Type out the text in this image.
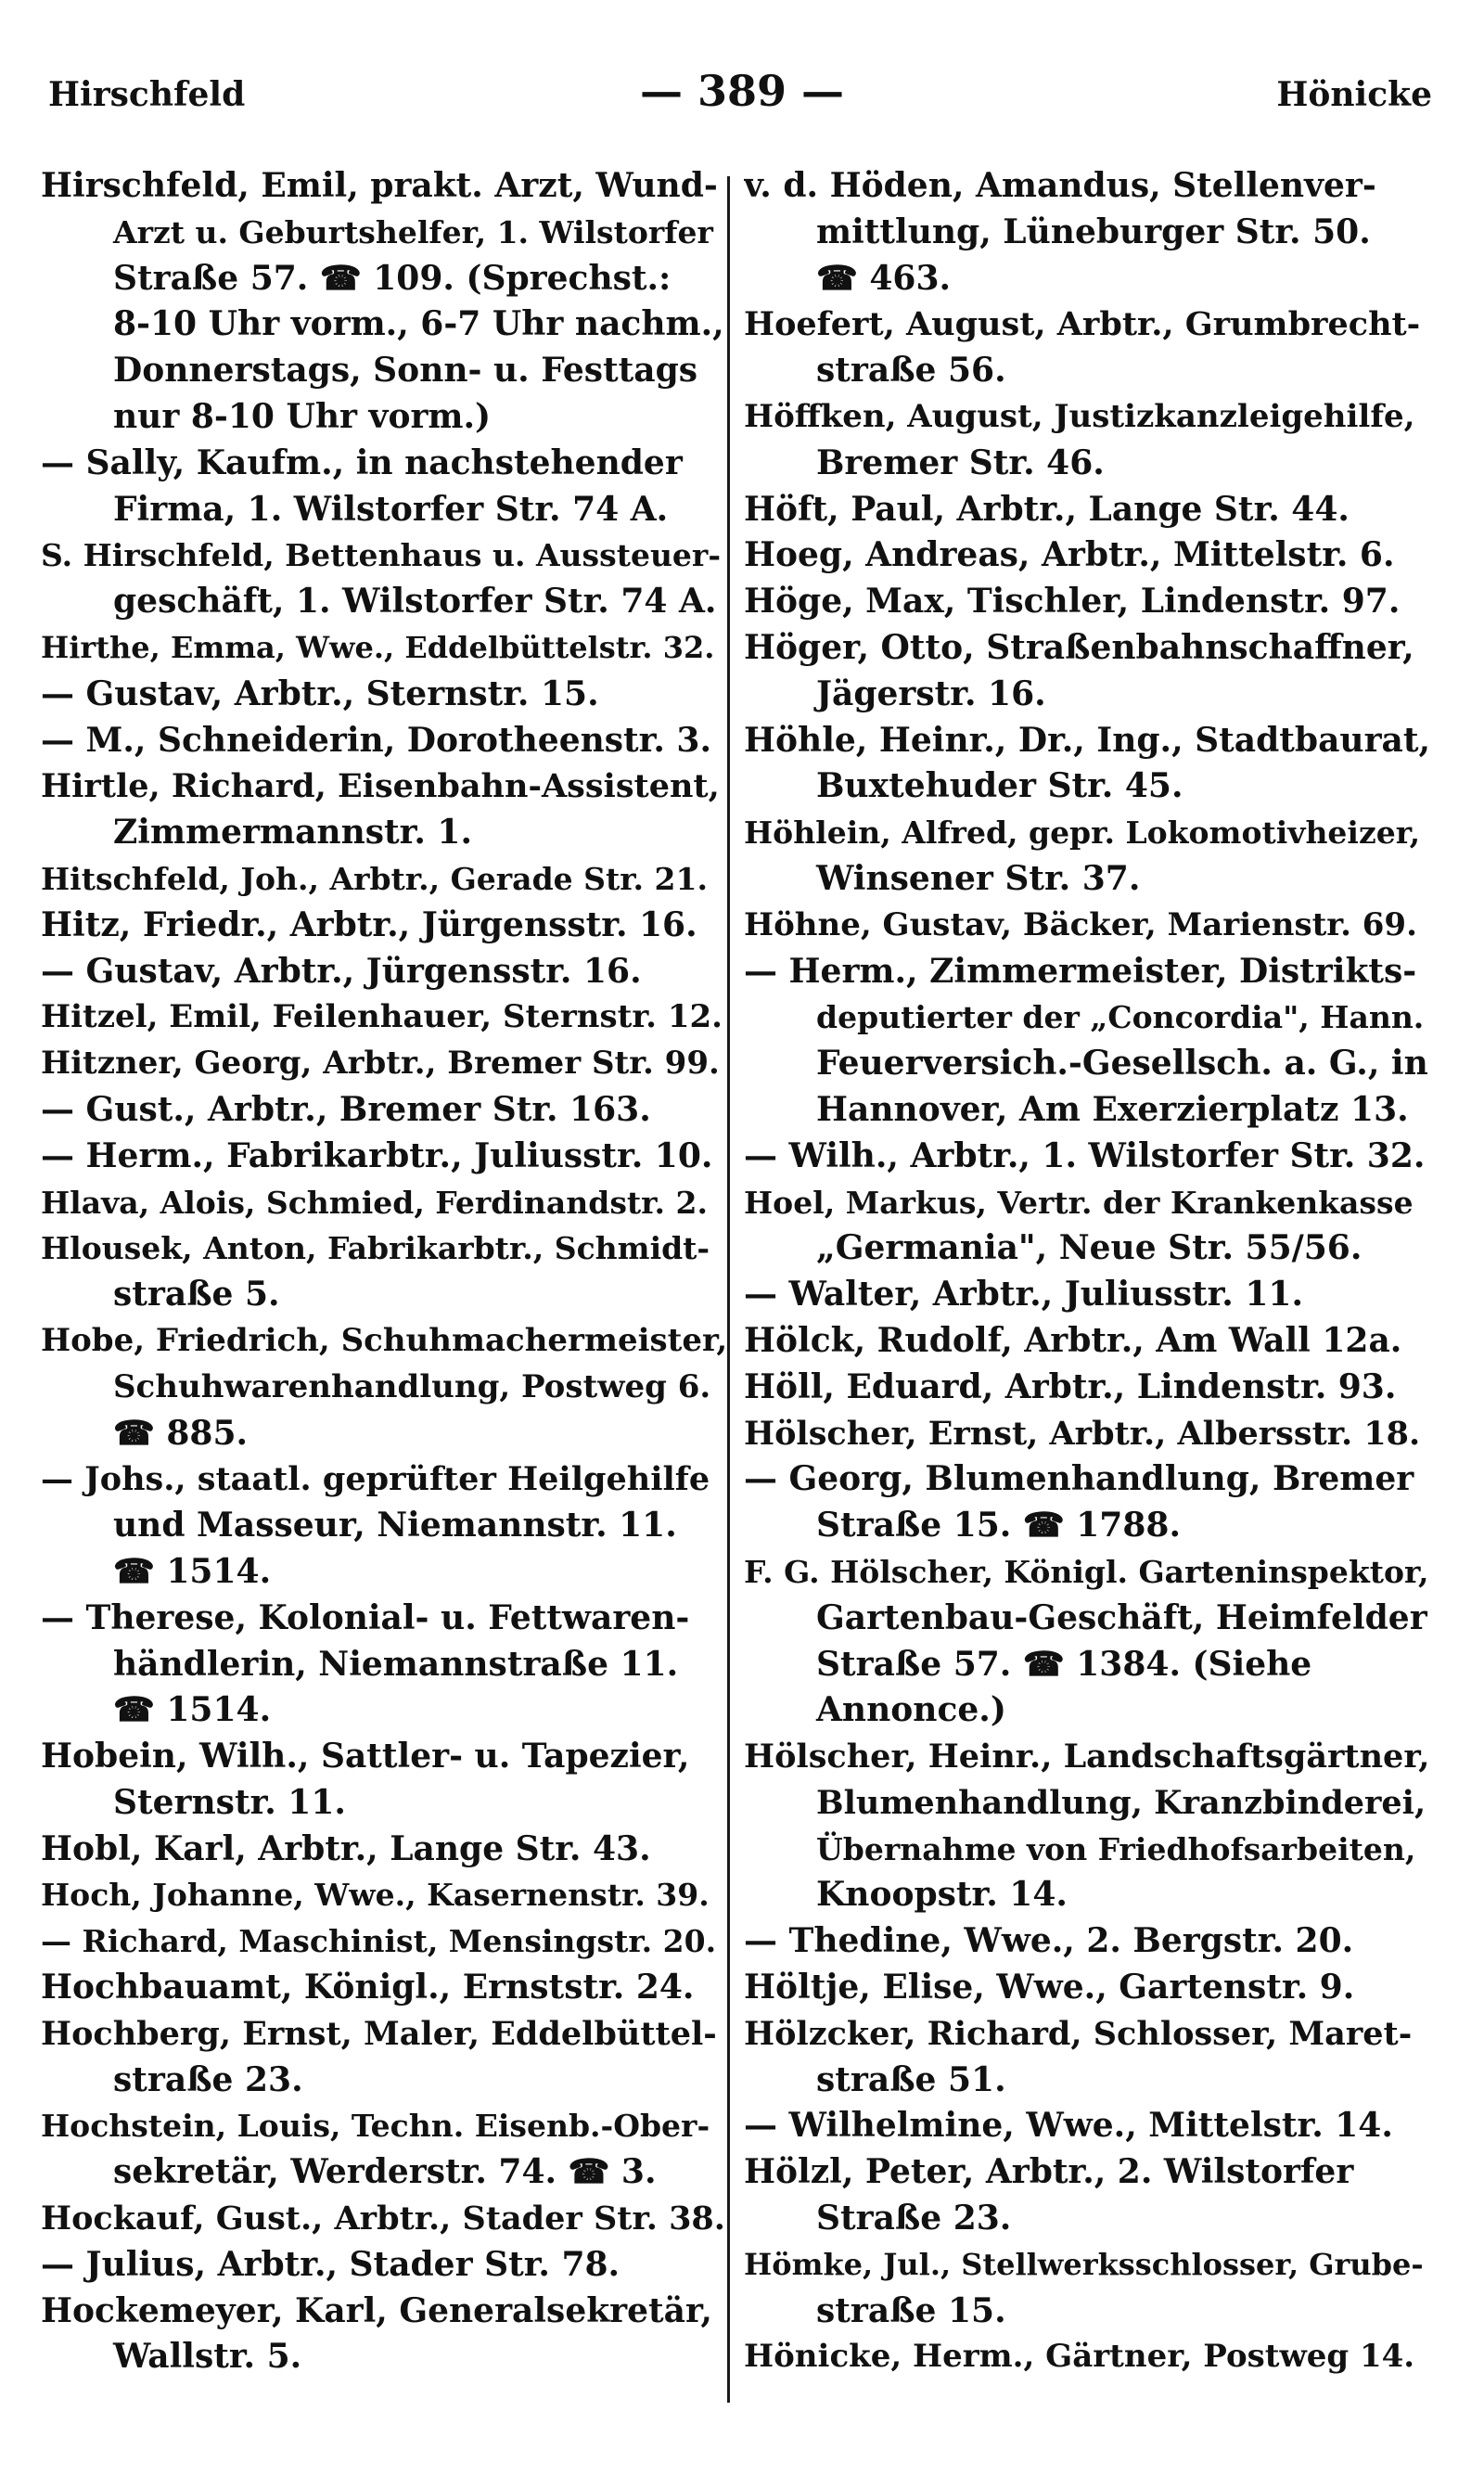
Hirschfeld	— 389 —	Hönicke
Hirschfeld, Emil, prakt. Arzt, Wund-
Arzt u. Geburtshelfer, 1. Wilstorfer
Straße 57. ☎ 109. (Sprechst.:
8-10 Uhr vorm., 6-7 Uhr nachm.,
Donnerstags, Sonn- u. Festtags
nur 8-10 Uhr vorm.)
— Sally, Kaufm., in nachstehender
Firma, 1. Wilstorfer Str. 74 A.
S. Hirschfeld, Bettenhaus u. Aussteuer-
geschäft, 1. Wilstorfer Str. 74 A.
Hirthe, Emma, Wwe., Eddelbüttelstr. 32.
— Gustav, Arbtr., Sternstr. 15.
— M., Schneiderin, Dorotheenstr. 3.
Hirtle, Richard, Eisenbahn-Assistent,
Zimmermannstr. 1.
Hitschfeld, Joh., Arbtr., Gerade Str. 21.
Hitz, Friedr., Arbtr., Jürgensstr. 16.
— Gustav, Arbtr., Jürgensstr. 16.
Hitzel, Emil, Feilenhauer, Sternstr. 12.
Hitzner, Georg, Arbtr., Bremer Str. 99.
— Gust., Arbtr., Bremer Str. 163.
— Herm., Fabrikarbtr., Juliusstr. 10.
Hlava, Alois, Schmied, Ferdinandstr. 2.
Hlousek, Anton, Fabrikarbtr., Schmidt-
straße 5.
Hobe, Friedrich, Schuhmachermeister,
Schuhwarenhandlung, Postweg 6.
☎ 885.
— Johs., staatl. geprüfter Heilgehilfe
und Masseur, Niemannstr. 11.
☎ 1514.
— Therese, Kolonial- u. Fettwaren-
händlerin, Niemannstraße 11.
☎ 1514.
Hobein, Wilh., Sattler- u. Tapezier,
Sternstr. 11.
Hobl, Karl, Arbtr., Lange Str. 43.
Hoch, Johanne, Wwe., Kasernenstr. 39.
— Richard, Maschinist, Mensingstr. 20.
Hochbauamt, Königl., Ernststr. 24.
Hochberg, Ernst, Maler, Eddelbüttel-
straße 23.
Hochstein, Louis, Techn. Eisenb.-Ober-
sekretär, Werderstr. 74. ☎ 3.
Hockauf, Gust., Arbtr., Stader Str. 38.
— Julius, Arbtr., Stader Str. 78.
Hockemeyer, Karl, Generalsekretär,
Wallstr. 5.
v. d. Höden, Amandus, Stellenver-
mittlung, Lüneburger Str. 50.
☎ 463.
Hoefert, August, Arbtr., Grumbrecht-
straße 56.
Höffken, August, Justizkanzleigehilfe,
Bremer Str. 46.
Höft, Paul, Arbtr., Lange Str. 44.
Hoeg, Andreas, Arbtr., Mittelstr. 6.
Höge, Max, Tischler, Lindenstr. 97.
Höger, Otto, Straßenbahnschaffner,
Jägerstr. 16.
Höhle, Heinr., Dr., Ing., Stadtbaurat,
Buxtehuder Str. 45.
Höhlein, Alfred, gepr. Lokomotivheizer,
Winsener Str. 37.
Höhne, Gustav, Bäcker, Marienstr. 69.
— Herm., Zimmermeister, Distrikts-
deputierter der „Concordia", Hann.
Feuerversich.-Gesellsch. a. G., in
Hannover, Am Exerzierplatz 13.
— Wilh., Arbtr., 1. Wilstorfer Str. 32.
Hoel, Markus, Vertr. der Krankenkasse
„Germania", Neue Str. 55/56.
— Walter, Arbtr., Juliusstr. 11.
Hölck, Rudolf, Arbtr., Am Wall 12a.
Höll, Eduard, Arbtr., Lindenstr. 93.
Hölscher, Ernst, Arbtr., Albersstr. 18.
— Georg, Blumenhandlung, Bremer
Straße 15. ☎ 1788.
F. G. Hölscher, Königl. Garteninspektor,
Gartenbau-Geschäft, Heimfelder
Straße 57. ☎ 1384. (Siehe
Annonce.)
Hölscher, Heinr., Landschaftsgärtner,
Blumenhandlung, Kranzbinderei,
Übernahme von Friedhofsarbeiten,
Knoopstr. 14.
— Thedine, Wwe., 2. Bergstr. 20.
Höltje, Elise, Wwe., Gartenstr. 9.
Hölzcker, Richard, Schlosser, Maret-
straße 51.
— Wilhelmine, Wwe., Mittelstr. 14.
Hölzl, Peter, Arbtr., 2. Wilstorfer
Straße 23.
Hömke, Jul., Stellwerksschlosser, Grube-
straße 15.
Hönicke, Herm., Gärtner, Postweg 14.
